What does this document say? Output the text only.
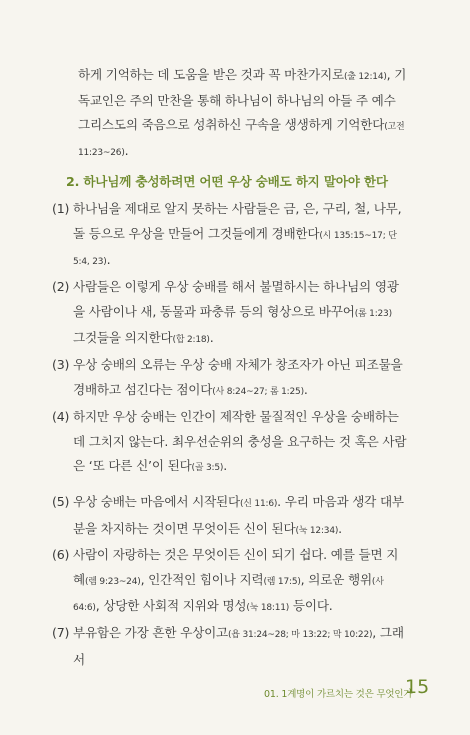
하게 기억하는 데 도움을 받은 것과 꼭 마찬가지로(출 12:14), 기독교인은 주의 만찬을 통해 하나님이 하나님의 아들 주 예수 그리스도의 죽음으로 성취하신 구속을 생생하게 기억한다(고전 11:23~26).
2. 하나님께 충성하려면 어떤 우상 숭배도 하지 말아야 한다
(1) 하나님을 제대로 알지 못하는 사람들은 금, 은, 구리, 철, 나무, 돌 등으로 우상을 만들어 그것들에게 경배한다(시 135:15~17; 단 5:4, 23).
(2) 사람들은 이렇게 우상 숭배를 해서 불멸하시는 하나님의 영광을 사람이나 새, 동물과 파충류 등의 형상으로 바꾸어(롬 1:23) 그것들을 의지한다(합 2:18).
(3) 우상 숭배의 오류는 우상 숭배 자체가 창조자가 아닌 피조물을 경배하고 섬긴다는 점이다(사 8:24~27; 롬 1:25).
(4) 하지만 우상 숭배는 인간이 제작한 물질적인 우상을 숭배하는 데 그치지 않는다. 최우선순위의 충성을 요구하는 것 혹은 사람은 ‘또 다른 신’이 된다(골 3:5).
(5) 우상 숭배는 마음에서 시작된다(신 11:6). 우리 마음과 생각 대부분을 차지하는 것이면 무엇이든 신이 된다(눅 12:34).
(6) 사람이 자랑하는 것은 무엇이든 신이 되기 쉽다. 예를 들면 지혜(렘 9:23~24), 인간적인 힘이나 지력(렘 17:5), 의로운 행위(사 64:6), 상당한 사회적 지위와 명성(눅 18:11) 등이다.
(7) 부유함은 가장 흔한 우상이고(욥 31:24~28; 마 13:22; 막 10:22), 그래서
01. 1계명이 가르치는 것은 무엇인가
15
